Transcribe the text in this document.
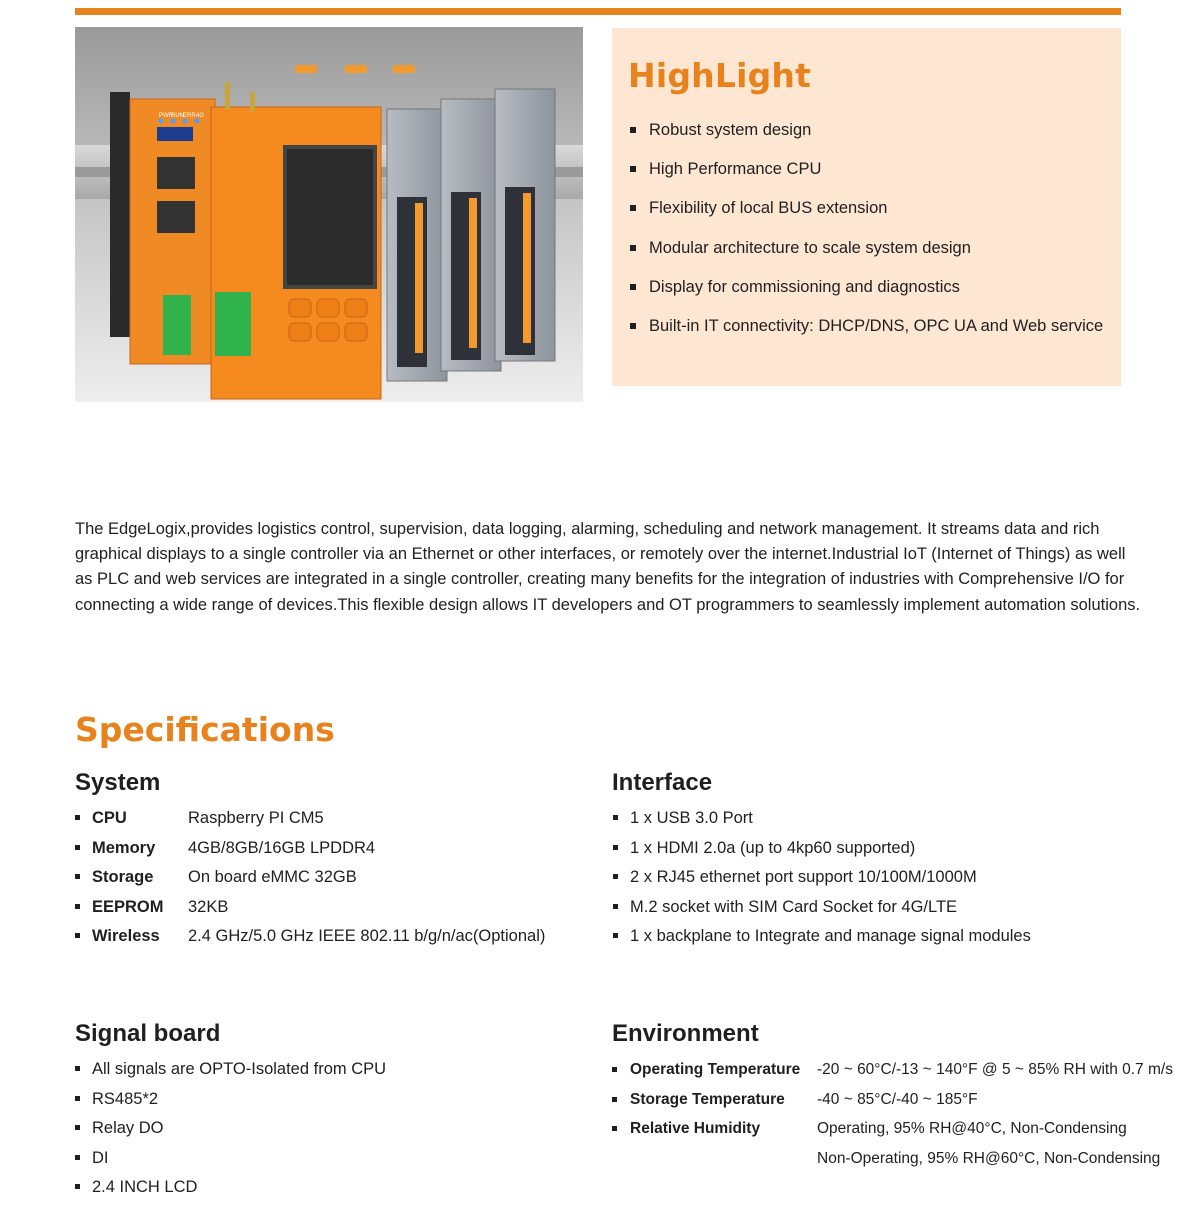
PWR
RUN ERR 4G
HighLight
Robust system design
High Performance CPU
Flexibility of local BUS extension
Modular architecture to scale system design
Display for commissioning and diagnostics
Built-in IT connectivity: DHCP/DNS, OPC UA and Web service

The EdgeLogix,provides logistics control, supervision, data logging, alarming, scheduling and network management. It streams data and rich graphical displays to a single controller via an Ethernet or other interfaces, or remotely over the internet.Industrial IoT (Internet of Things) as well as PLC and web services are integrated in a single controller, creating many benefits for the integration of industries with Comprehensive I/O for connecting a wide range of devices.This flexible design allows IT developers and OT programmers to seamlessly implement automation solutions.

Specifications
System
CPU	Raspberry PI CM5
Memory 4GB/8GB/16GB LPDDR4
Storage On board eMMC 32GB
EEPROM 32KB
Wireless 2.4 GHz/5.0 GHz IEEE 802.11 b/g/n/ac(Optional)
Interface
1 x USB 3.0 Port
1 x HDMI 2.0a (up to 4kp60 supported)
2 x RJ45 ethernet port support 10/100M/1000M
M.2 socket with SIM Card Socket for 4G/LTE
1 x backplane to Integrate and manage signal modules
Signal board
All signals are OPTO-Isolated from CPU
RS485*2
Relay DO
DI
2.4 INCH LCD
Environment
Operating Temperature -20 ~ 60°C/-13 ~ 140°F @ 5 ~ 85% RH with 0.7 m/s
Storage Temperature -40 ~ 85°C/-40 ~ 185°F
Relative Humidity	Operating, 95% RH@40°C, Non-Condensing
Non-Operating, 95% RH@60°C, Non-Condensing
